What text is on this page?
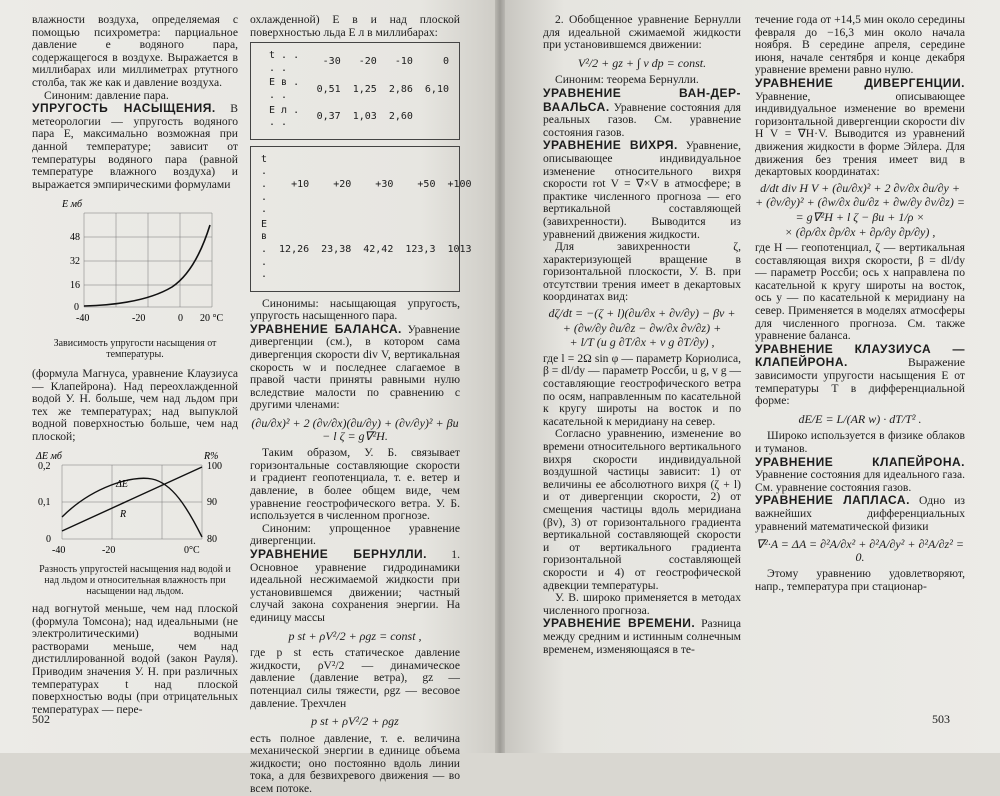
влажности воздуха, определяемая с помощью психрометра: парциальное давление e водяного пара, содержащегося в воздухе. Выражается в миллибарах или миллиметрах ртутного столба, так же как и давление воздуха.

Синоним: давление пара.

УПРУГОСТЬ НАСЫЩЕНИЯ. В метеорологии — упругость водяного пара E, максимально возможная при данной температуре; зависит от температуры водяного пара (равной температуре влажного воздуха) и выражается эмпирическими формулами

E мб
48
32
16
0
-40	-20	0 20 °C
Зависимость упругости насыщения от температуры.

(формула Магнуса, уравнение Клаузиуса — Клапейрона). Над переохлажденной водой У. Н. больше, чем над льдом при тех же температурах; над выпуклой водной поверхностью больше, чем над плоской;

ΔE мб	R%
ΔE
R
0,2
0,1
0
100
90
80
-40	-20	0°C
Разность упругостей насыщения над водой и над льдом и относительная влажность при насыщении над льдом.

над вогнутой меньше, чем над плоской (формула Томсона); над идеальными (не электролитическими) водными растворами меньше, чем над дистиллированной водой (закон Рауля). Приводим значения У. Н. при различных температурах t над плоской поверхностью воды (при отрицательных температурах — пере-

охлажденной) E в и над плоской поверхностью льда E л в миллибарах:

t . . . .	-30	-20	-10	0
E в . . .	0,51	1,25	2,86	6,10
E л . . .	0,37	1,03	2,60	
t . . . .	+10	+20	+30	+50	+100
E в . . .	12,26	23,38	42,42	123,3	1013

Синонимы: насыщающая упругость, упругость насыщенного пара.

УРАВНЕНИЕ БАЛАНСА. Уравнение дивергенции (см.), в котором сама дивергенция скорости div V, вертикальная скорость w и последнее слагаемое в правой части приняты равными нулю вследствие малости по сравнению с другими членами:

(∂u/∂x)² + 2 (∂v/∂x)(∂u/∂y) + (∂v/∂y)² + βu − l ζ = g∇²H.

Таким образом, У. Б. связывает горизонтальные составляющие скорости и градиент геопотенциала, т. е. ветер и давление, в более общем виде, чем уравнение геострофического ветра. У. Б. используется в численном прогнозе.

Синоним: упрощенное уравнение дивергенции.

УРАВНЕНИЕ БЕРНУЛЛИ. 1. Основное уравнение гидродинамики идеальной несжимаемой жидкости при установившемся движении; частный случай закона сохранения энергии. На единицу массы

p st + ρV²/2 + ρgz = const ,

где p st есть статическое давление жидкости, ρV²/2 — динамическое давление (давление ветра), gz — потенциал силы тяжести, ρgz — весовое давление. Трехчлен

p st + ρV²/2 + ρgz

есть полное давление, т. е. величина механической энергии в единице объема жидкости; оно постоянно вдоль линии тока, а для безвихревого движения — во всем потоке.

502

2. Обобщенное уравнение Бернулли для идеальной сжимаемой жидкости при установившемся движении:

V²/2 + gz + ∫ v dp = const.

Синоним: теорема Бернулли.

УРАВНЕНИЕ ВАН-ДЕР-ВААЛЬСА. Уравнение состояния для реальных газов. См. уравнение состояния газов.

УРАВНЕНИЕ ВИХРЯ. Уравнение, описывающее индивидуальное изменение относительного вихря скорости rot V = ∇×V в атмосфере; в практике численного прогноза — его вертикальной составляющей (завихренности). Выводится из уравнений движения жидкости.

Для завихренности ζ, характеризующей вращение в горизонтальной плоскости, У. В. при отсутствии трения имеет в декартовых координатах вид:

dζ/dt = −(ζ + l)(∂u/∂x + ∂v/∂y) − βv +
+ (∂w/∂y ∂u/∂z − ∂w/∂x ∂v/∂z) +
+ l/T (u g ∂T/∂x + v g ∂T/∂y) ,

где l = 2Ω sin φ — параметр Кориолиса, β = dl/dy — параметр Россби, u g, v g — составляющие геострофического ветра по осям, направленным по касательной к кругу широты на восток и по касательной к меридиану на север.

Согласно уравнению, изменение во времени относительного вертикального вихря скорости индивидуальной воздушной частицы зависит: 1) от величины ее абсолютного вихря (ζ + l) и от дивергенции скорости, 2) от смещения частицы вдоль меридиана (βv), 3) от горизонтального градиента вертикальной составляющей скорости и от вертикального градиента горизонтальной составляющей скорости и 4) от геострофической адвекции температуры.

У. В. широко применяется в методах численного прогноза.

УРАВНЕНИЕ ВРЕМЕНИ. Разница между средним и истинным солнечным временем, изменяющаяся в те-

течение года от +14,5 мин около середины февраля до −16,3 мин около начала ноября. В середине апреля, середине июня, начале сентября и конце декабря уравнение времени равно нулю.

УРАВНЕНИЕ ДИВЕРГЕНЦИИ. Уравнение, описывающее индивидуальное изменение во времени горизонтальной дивергенции скорости div H V = ∇H·V. Выводится из уравнений движения жидкости в форме Эйлера. Для движения без трения имеет вид в декартовых координатах:

d/dt div H V + (∂u/∂x)² + 2 ∂v/∂x ∂u/∂y +
+ (∂v/∂y)² + (∂w/∂x ∂u/∂z + ∂w/∂y ∂v/∂z) =
= g∇²H + l ζ − βu + 1/ρ ×
× (∂ρ/∂x ∂p/∂x + ∂ρ/∂y ∂p/∂y) ,

где H — геопотенциал, ζ — вертикальная составляющая вихря скорости, β = dl/dy — параметр Россби; ось x направлена по касательной к кругу широты на восток, ось y — по касательной к меридиану на север. Применяется в моделях атмосферы для численного прогноза. См. также уравнение баланса.

УРАВНЕНИЕ КЛАУЗИУСА — КЛАПЕЙРОНА.	Выражение зависимости упругости насыщения E от температуры T в дифференциальной форме:

dE/E = L/(AR w) · dT/T² .

Широко используется в физике облаков и туманов.

УРАВНЕНИЕ КЛАПЕЙРОНА. Уравнение состояния для идеального газа. См. уравнение состояния газов.

УРАВНЕНИЕ ЛАПЛАСА. Одно из важнейших дифференциальных уравнений математической физики

∇²·A = ΔA = ∂²A/∂x² + ∂²A/∂y² + ∂²A/∂z² = 0.

Этому уравнению удовлетворяют, напр., температура при стационар-

503
